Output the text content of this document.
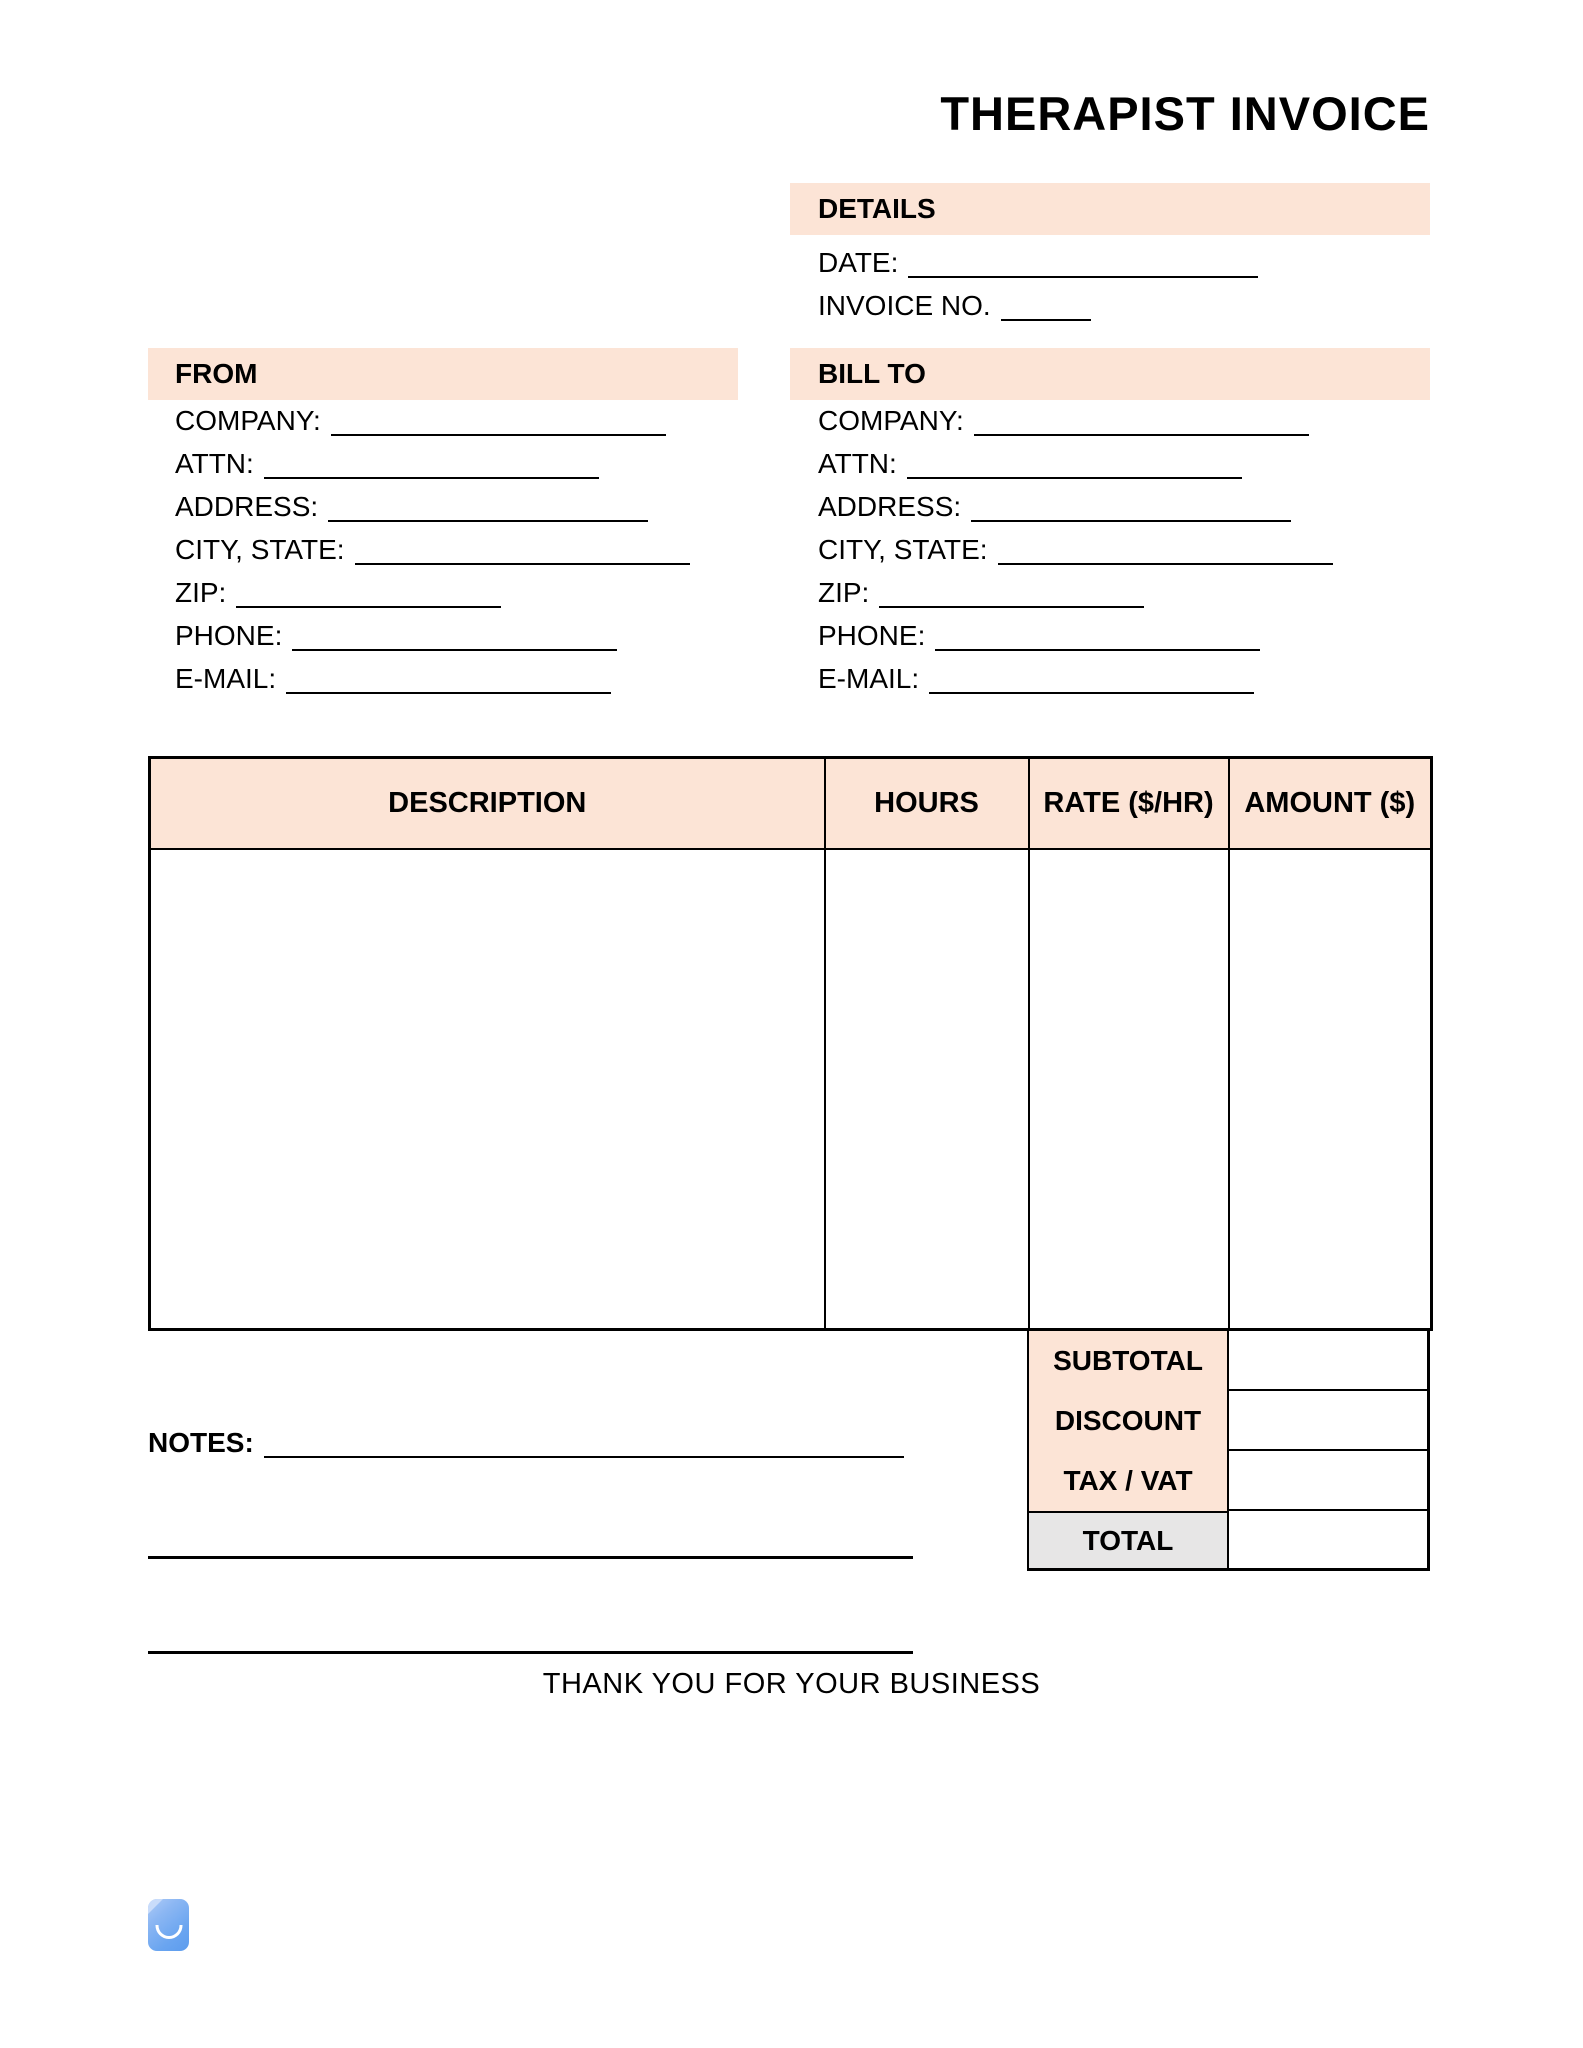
THERAPIST INVOICE
DETAILS
DATE:
INVOICE NO.
FROM
COMPANY:
ATTN:
ADDRESS:
CITY, STATE:
ZIP:
PHONE:
E-MAIL:
BILL TO
COMPANY:
ATTN:
ADDRESS:
CITY, STATE:
ZIP:
PHONE:
E-MAIL:
DESCRIPTION	HOURS	RATE ($/HR)	AMOUNT ($)

SUBTOTAL
DISCOUNT
TAX / VAT
TOTAL
NOTES:
THANK YOU FOR YOUR BUSINESS
